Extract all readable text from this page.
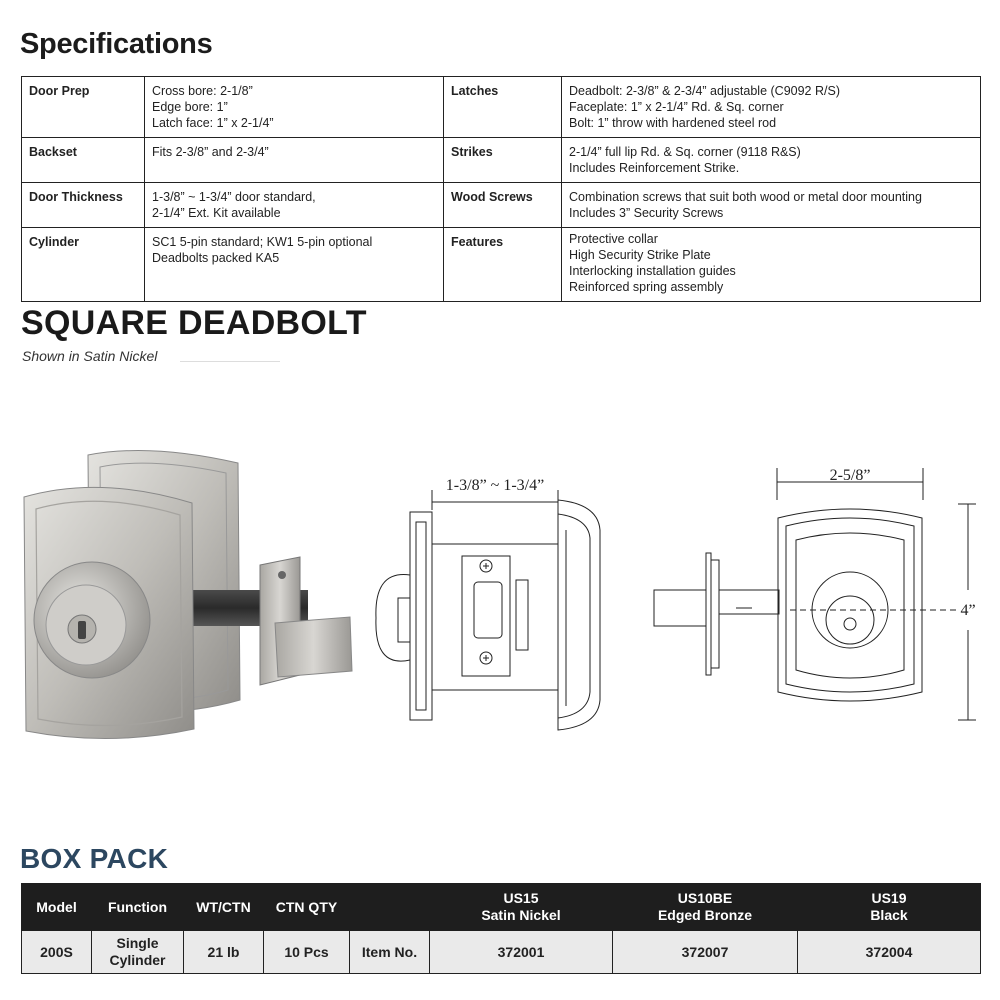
Specifications
Door Prep	Cross bore: 2-1/8”
Edge bore: 1”
Latch face: 1” x 2-1/4”	Latches	Deadbolt: 2-3/8” & 2-3/4” adjustable (C9092 R/S)
Faceplate: 1” x 2-1/4” Rd. & Sq. corner
Bolt: 1” throw with hardened steel rod

Backset	Fits 2-3/8” and 2-3/4”	Strikes	2-1/4” full lip Rd. & Sq. corner (9118 R&S)
Includes Reinforcement Strike.

Door Thickness	1-3/8” ~ 1-3/4” door standard,
2-1/4” Ext. Kit available	Wood Screws	Combination screws that suit both wood or metal door mounting
Includes 3” Security Screws

Cylinder	SC1 5-pin standard; KW1 5-pin optional
Deadbolts packed KA5	Features	Protective collar
High Security Strike Plate
Interlocking installation guides
Reinforced spring assembly
SQUARE DEADBOLT
Shown in Satin Nickel
1-3/8” ~ 1-3/4”
2-5/8”
4”
BOX PACK
Model	Function	WT/CTN	CTN QTY		US15
Satin Nickel	US10BE
Edged Bronze	US19
Black

200S	Single
Cylinder	21 lb	10 Pcs	Item No.	372001	372007	372004
